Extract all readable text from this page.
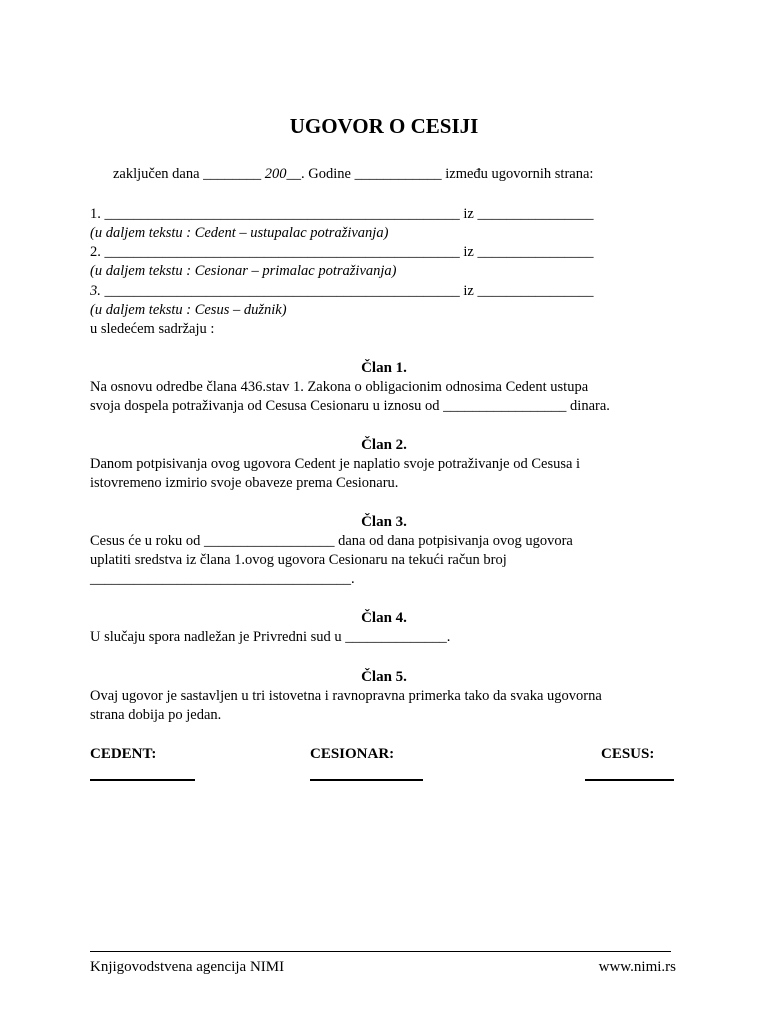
UGOVOR O CESIJI
zaključen dana ________ 200__. Godine ____________ između ugovornih strana:
1. _________________________________________________ iz ________________
(u daljem tekstu : Cedent – ustupalac potraživanja)
2. _________________________________________________ iz ________________
(u daljem tekstu : Cesionar – primalac potraživanja)
3. _________________________________________________ iz ________________
(u daljem tekstu : Cesus – dužnik)
u sledećem sadržaju :
Član 1.
Na osnovu odredbe člana 436.stav 1. Zakona o obligacionim odnosima Cedent ustupa
svoja dospela potraživanja od Cesusa Cesionaru u iznosu od _________________ dinara.
Član 2.
Danom potpisivanja ovog ugovora Cedent je naplatio svoje potraživanje od Cesusa i
istovremeno izmirio svoje obaveze prema Cesionaru.
Član 3.
Cesus će u roku od __________________ dana od dana potpisivanja ovog ugovora
uplatiti sredstva iz člana 1.ovog ugovora Cesionaru na tekući račun broj
____________________________________.
Član 4.
U slučaju spora nadležan je Privredni sud u ______________.
Član 5.
Ovaj ugovor je sastavljen u tri istovetna i ravnopravna primerka tako da svaka ugovorna
strana dobija po jedan.
CEDENT:	CESIONAR:	CESUS:
Knjigovodstvena agencija NIMI	www.nimi.rs
